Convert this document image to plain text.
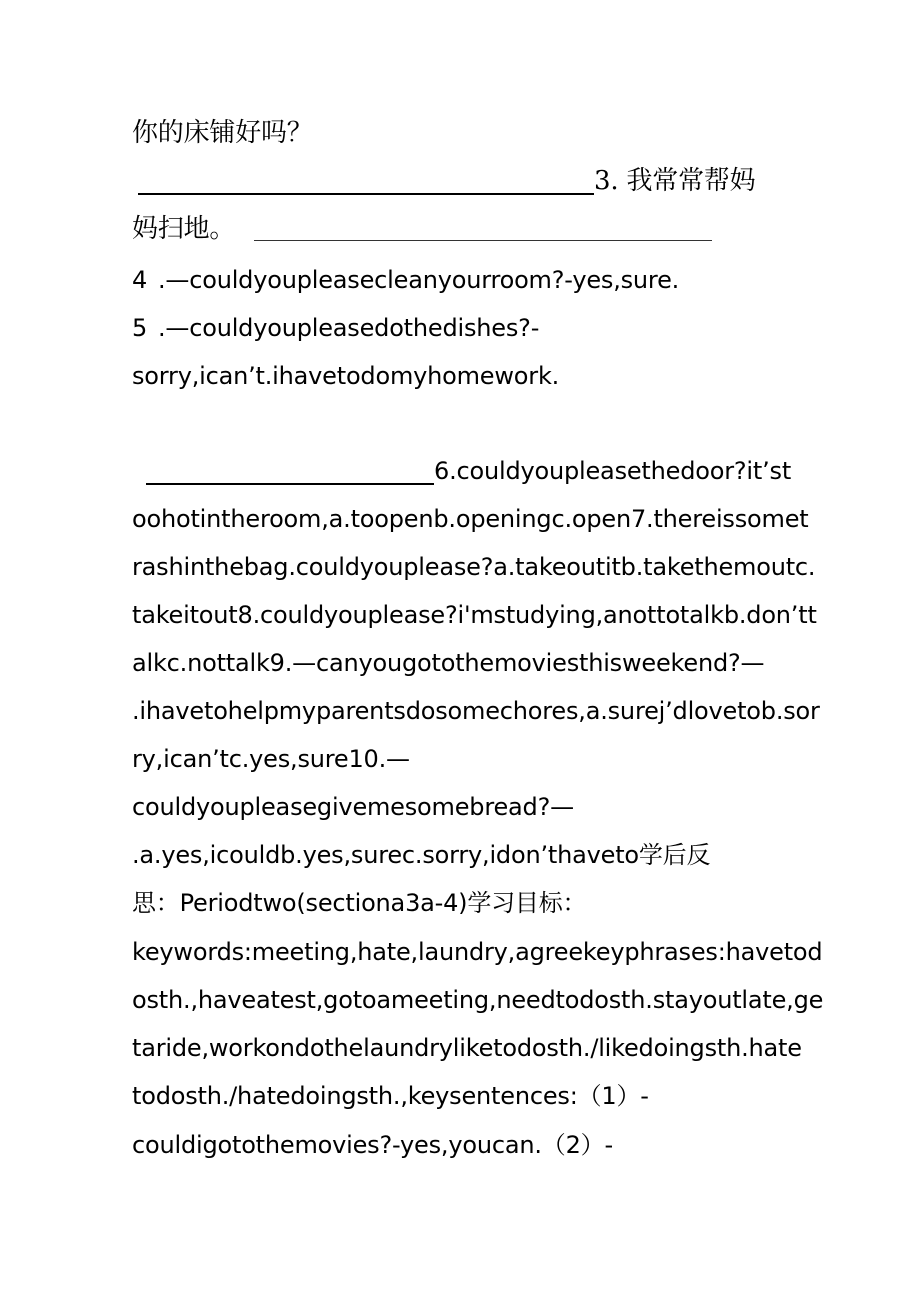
你的床铺好吗？
3. 我常常帮妈
妈扫地。
4 .—couldyoupleasecleanyourroom?-yes,sure.
5 .—couldyoupleasedothedishes?-
sorry,ican’t.ihavetodomyhomework.
6.couldyoupleasethedoor?it’st
oohotintheroom,a.toopenb.openingc.open7.thereissomet
rashinthebag.couldyouplease?a.takeoutitb.takethemoutc.
takeitout8.couldyouplease?i'mstudying,anottotalkb.don’tt
alkc.nottalk9.—canyougotothemoviesthisweekend?—
.ihavetohelpmyparentsdosomechores,a.surej’dlovetob.sor
ry,ican’tc.yes,sure10.—
couldyoupleasegivemesomebread?—
.a.yes,icouldb.yes,surec.sorry,idon’thaveto学后反
思：Periodtwo(sectiona3a-4)学习目标：
keywords:meeting,hate,laundry,agreekeyphrases:havetod
osth.,haveatest,gotoameeting,needtodosth.stayoutlate,ge
taride,workondothelaundryliketodosth./likedoingsth.hate
todosth./hatedoingsth.,keysentences:（1）-
couldigotothemovies?-yes,youcan.（2）-
